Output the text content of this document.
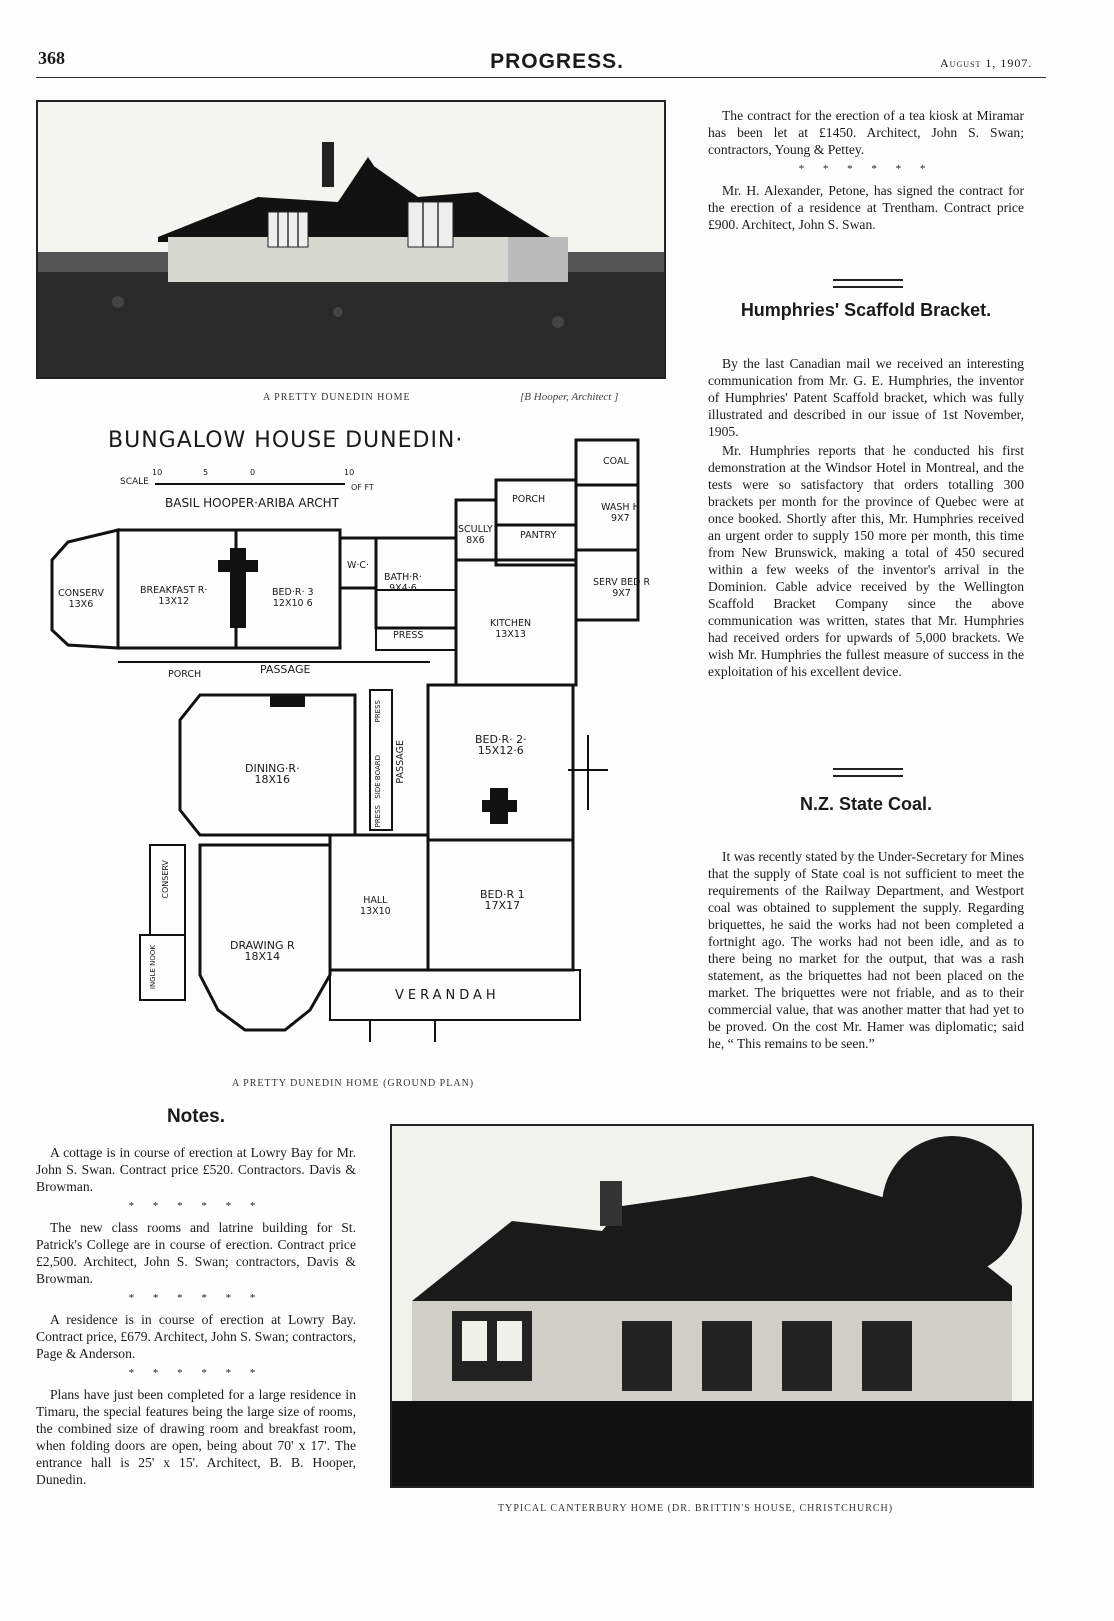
368	PROGRESS.	August 1, 1907.
A PRETTY DUNEDIN HOME	[B Hooper, Architect ]
BUNGALOW HOUSE DUNEDIN·
SCALE
10	5	0	10
OF FT
BASIL HOOPER·ARIBA ARCHT
CONSERV
13X6
BREAKFAST R·
13X12
BED·R· 3
12X10 6
W·C·
BATH·R·
9X4·6
PRESS
SCULLY
8X6	PANTRY
PORCH
COAL
WASH H
9X7
SERV BED R
9X7
KITCHEN
13X13
PORCH	PASSAGE
PASSAGE
DINING·R·
18X16
BED·R· 2·
15X12·6
SIDE·BOARD
PRESS
PRESS
CONSERV
HALL
13X10
BED·R 1
17X17
INGLE NOOK	DRAWING R
18X14
VERANDAH
A PRETTY DUNEDIN HOME (GROUND PLAN)

The contract for the erection of a tea kiosk at Miramar has been let at £1450. Architect, John S. Swan; contractors, Young & Pettey.

* * * * * *

Mr. H. Alexander, Petone, has signed the contract for the erection of a residence at Trentham. Contract price £900. Architect, John S. Swan.

Humphries' Scaffold Bracket.

By the last Canadian mail we received an interesting communication from Mr. G. E. Humphries, the inventor of Humphries' Patent Scaffold bracket, which was fully illustrated and described in our issue of 1st November, 1905.

Mr. Humphries reports that he conducted his first demonstration at the Windsor Hotel in Montreal, and the tests were so satisfactory that orders totalling 300 brackets per month for the province of Quebec were at once booked. Shortly after this, Mr. Humphries received an urgent order to supply 150 more per month, this time from New Brunswick, making a total of 450 secured within a few weeks of the inventor's arrival in the Dominion. Cable advice received by the Wellington Scaffold Bracket Company since the above communication was written, states that Mr. Humphries had received orders for upwards of 5,000 brackets. We wish Mr. Humphries the fullest measure of success in the exploitation of his excellent device.

N.Z. State Coal.

It was recently stated by the Under-Secretary for Mines that the supply of State coal is not sufficient to meet the requirements of the Railway Department, and Westport coal was obtained to supplement the supply. Regarding briquettes, he said the works had not been completed a fortnight ago. The works had not been idle, and as to there being no market for the output, that was a rash statement, as the briquettes had not been placed on the market. The briquettes were not friable, and as to their commercial value, that was another matter that had yet to be proved. On the cost Mr. Hamer was diplomatic; said he, “ This remains to be seen.”

Notes.

A cottage is in course of erection at Lowry Bay for Mr. John S. Swan. Contract price £520. Contractors. Davis & Browman.

* * * * * *

The new class rooms and latrine building for St. Patrick's College are in course of erection. Contract price £2,500. Architect, John S. Swan; contractors, Davis & Browman.

* * * * * *

A residence is in course of erection at Lowry Bay. Contract price, £679. Architect, John S. Swan; contractors, Page & Anderson.

* * * * * *

Plans have just been completed for a large residence in Timaru, the special features being the large size of rooms, the combined size of drawing room and breakfast room, when folding doors are open, being about 70' x 17'. The entrance hall is 25' x 15'. Architect, B. B. Hooper, Dunedin.

TYPICAL CANTERBURY HOME (DR. BRITTIN'S HOUSE, CHRISTCHURCH)
